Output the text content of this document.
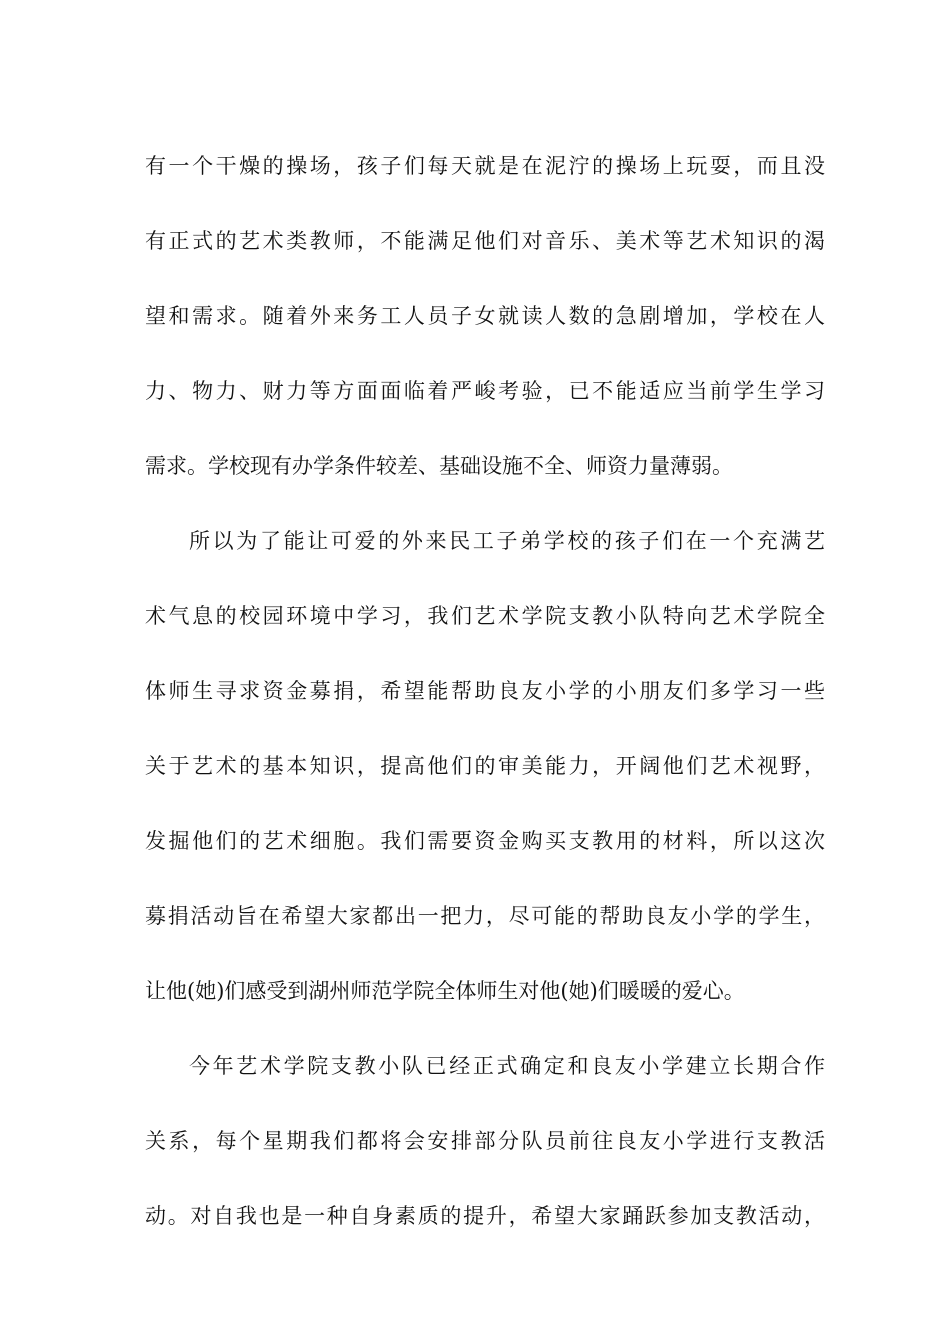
有一个干燥的操场，孩子们每天就是在泥泞的操场上玩耍，而且没
有正式的艺术类教师，不能满足他们对音乐、美术等艺术知识的渴
望和需求。随着外来务工人员子女就读人数的急剧增加，学校在人
力、物力、财力等方面面临着严峻考验，已不能适应当前学生学习
需求。学校现有办学条件较差、基础设施不全、师资力量薄弱。
所以为了能让可爱的外来民工子弟学校的孩子们在一个充满艺
术气息的校园环境中学习，我们艺术学院支教小队特向艺术学院全
体师生寻求资金募捐，希望能帮助良友小学的小朋友们多学习一些
关于艺术的基本知识，提高他们的审美能力，开阔他们艺术视野，
发掘他们的艺术细胞。我们需要资金购买支教用的材料，所以这次
募捐活动旨在希望大家都出一把力，尽可能的帮助良友小学的学生，
让他(她)们感受到湖州师范学院全体师生对他(她)们暖暖的爱心。
今年艺术学院支教小队已经正式确定和良友小学建立长期合作
关系，每个星期我们都将会安排部分队员前往良友小学进行支教活
动。对自我也是一种自身素质的提升，希望大家踊跃参加支教活动，
